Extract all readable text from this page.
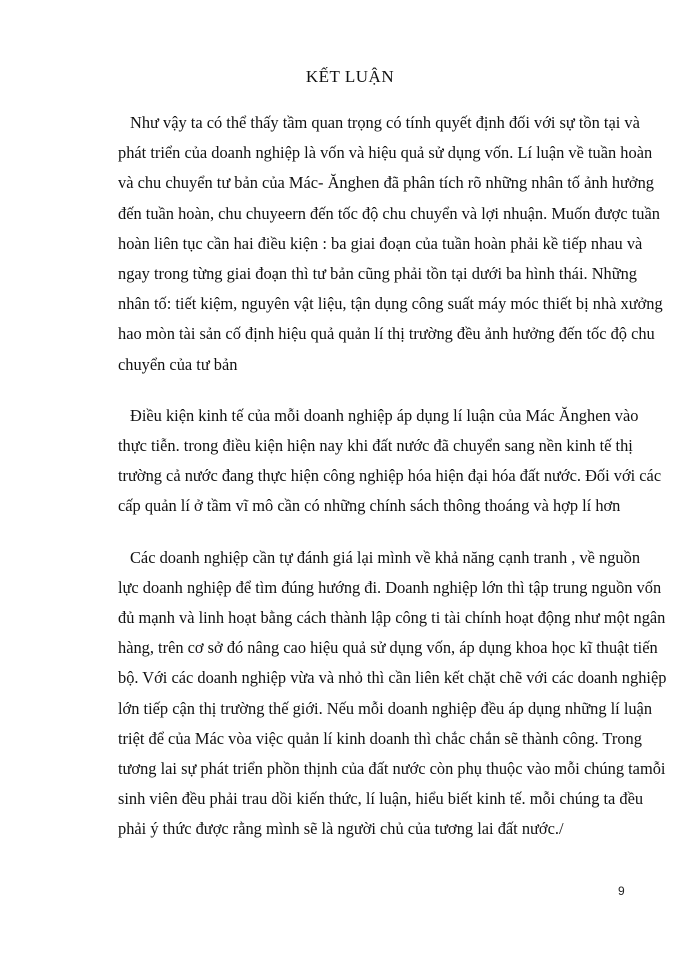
KẾT LUẬN

Như vậy ta có thể thấy tầm quan trọng có tính quyết định đối với sự tồn tại và
phát triển của doanh nghiệp là vốn và hiệu quả sử dụng vốn. Lí luận về tuần hoàn
và chu chuyển tư bản của Mác- Ănghen đã phân tích rõ những nhân tố ảnh hưởng
đến tuần hoàn, chu chuyeern đến tốc độ chu chuyển và lợi nhuận. Muốn được tuần
hoàn liên tục cần hai điều kiện : ba giai đoạn của tuần hoàn phải kề tiếp nhau và
ngay trong từng giai đoạn thì tư bản cũng phải tồn tại dưới ba hình thái. Những
nhân tố: tiết kiệm, nguyên vật liệu, tận dụng công suất máy móc thiết bị nhà xưởng
hao mòn tài sản cố định hiệu quả quản lí thị trường đều ảnh hưởng đến tốc độ chu
chuyển của tư bản

Điều kiện kinh tế của mỗi doanh nghiệp áp dụng lí luận của Mác Ănghen vào
thực tiễn. trong điều kiện hiện nay khi đất nước đã chuyển sang nền kinh tế thị
trường cả nước đang thực hiện công nghiệp hóa hiện đại hóa đất nước. Đối với các
cấp quản lí ở tầm vĩ mô cần có những chính sách thông thoáng và hợp lí hơn

Các doanh nghiệp cần tự đánh giá lại mình về khả năng cạnh tranh , về nguồn
lực doanh nghiệp để tìm đúng hướng đi. Doanh nghiệp lớn thì tập trung nguồn vốn
đủ mạnh và linh hoạt bằng cách thành lập công ti tài chính hoạt động như một ngân
hàng, trên cơ sở đó nâng cao hiệu quả sử dụng vốn, áp dụng khoa học kĩ thuật tiến
bộ. Với các doanh nghiệp vừa và nhỏ thì cần liên kết chặt chẽ với các doanh nghiệp
lớn tiếp cận thị trường thế giới. Nếu mỗi doanh nghiệp đều áp dụng những lí luận
triệt để của Mác vòa việc quản lí kinh doanh thì chắc chắn sẽ thành công. Trong
tương lai sự phát triển phồn thịnh của đất nước còn phụ thuộc vào mỗi chúng tamỗi
sinh viên đều phải trau dồi kiến thức, lí luận, hiểu biết kinh tế. mỗi chúng ta đều
phải ý thức được rằng mình sẽ là người chủ của tương lai đất nước./

9
